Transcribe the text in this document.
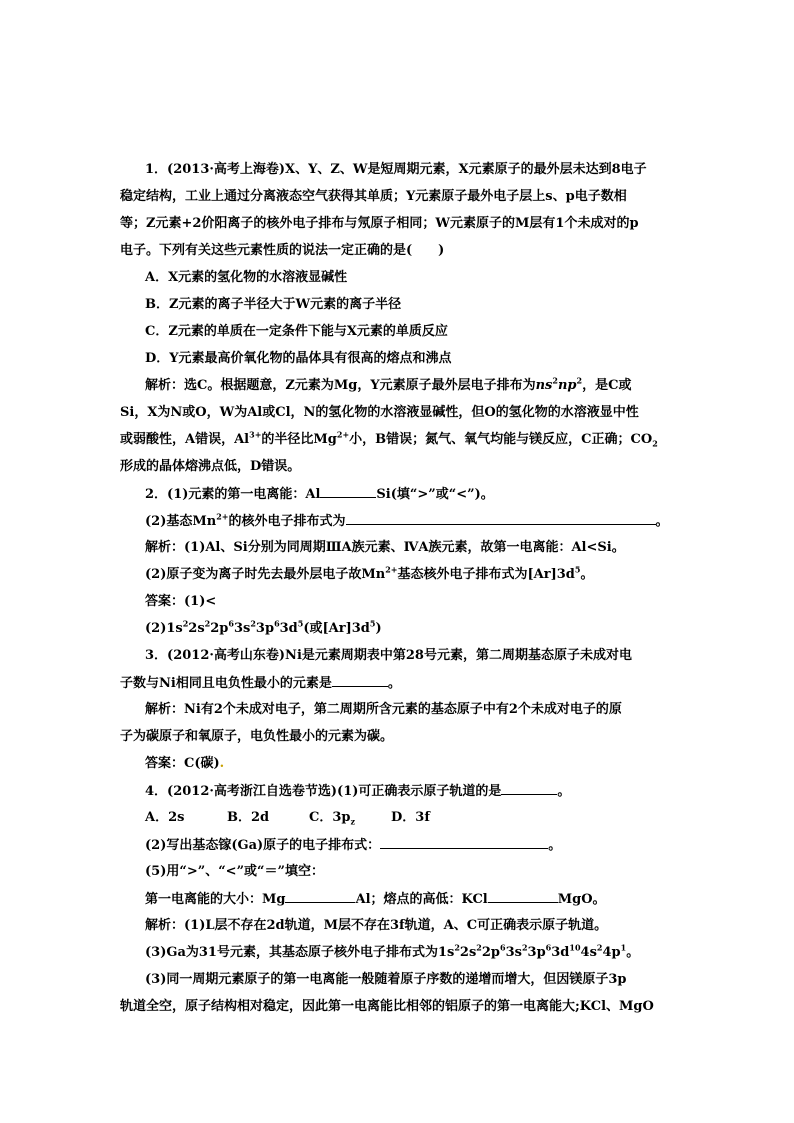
1．(2013·高考上海卷)X、Y、Z、W是短周期元素，X元素原子的最外层未达到8电子
稳定结构，工业上通过分离液态空气获得其单质；Y元素原子最外电子层上s、p电子数相
等；Z元素+2价阳离子的核外电子排布与氖原子相同；W元素原子的M层有1个未成对的p
电子。下列有关这些元素性质的说法一定正确的是(　　)
A．X元素的氢化物的水溶液显碱性
B．Z元素的离子半径大于W元素的离子半径
C．Z元素的单质在一定条件下能与X元素的单质反应
D．Y元素最高价氧化物的晶体具有很高的熔点和沸点
解析：选C。根据题意，Z元素为Mg，Y元素原子最外层电子排布为$ns^2np^2$，是C或
Si，X为N或O，W为Al或Cl，N的氢化物的水溶液显碱性，但O的氢化物的水溶液显中性
或弱酸性，A错误，$Al^{3+}$的半径比$Mg^{2+}$小，B错误；氮气、氧气均能与镁反应，C正确；$CO_2$
形成的晶体熔沸点低，D错误。
2．(1)元素的第一电离能：Al	Si(填“>”或“<”)。
(2)基态$Mn^{2+}$的核外电子排布式为	。
解析：(1)Al、Si分别为同周期ⅢA族元素、ⅣA族元素，故第一电离能：Al<Si。
(2)原子变为离子时先去最外层电子故$Mn^{2+}$基态核外电子排布式为$[Ar]3d^5$。
答案：(1)<
$(2)1s^22s^22p^63s^23p^63d^5$(或$[Ar]3d^5$)
3．(2012·高考山东卷)Ni是元素周期表中第28号元素，第二周期基态原子未成对电
子数与Ni相同且电负性最小的元素是	。
解析：Ni有2个未成对电子，第二周期所含元素的基态原子中有2个未成对电子的原
子为碳原子和氧原子，电负性最小的元素为碳。
答案：C(碳).
4．(2012·高考浙江自选卷节选)(1)可正确表示原子轨道的是	。
A．2s	B．2d	C．$3p_z$	D．3f
(2)写出基态镓(Ga)原子的电子排布式：	。
(5)用“>”、“<”或“＝”填空：
第一电离能的大小：Mg	Al；熔点的高低：KCl	MgO。
解析：(1)L层不存在2d轨道，M层不存在3f轨道，A、C可正确表示原子轨道。
(3)Ga为31号元素，其基态原子核外电子排布式为$1s^22s^22p^63s^23p^63d^{10}4s^24p^1$。
(3)同一周期元素原子的第一电离能一般随着原子序数的递增而增大，但因镁原子3p
轨道全空，原子结构相对稳定，因此第一电离能比相邻的铝原子的第一电离能大;KCl、MgO
